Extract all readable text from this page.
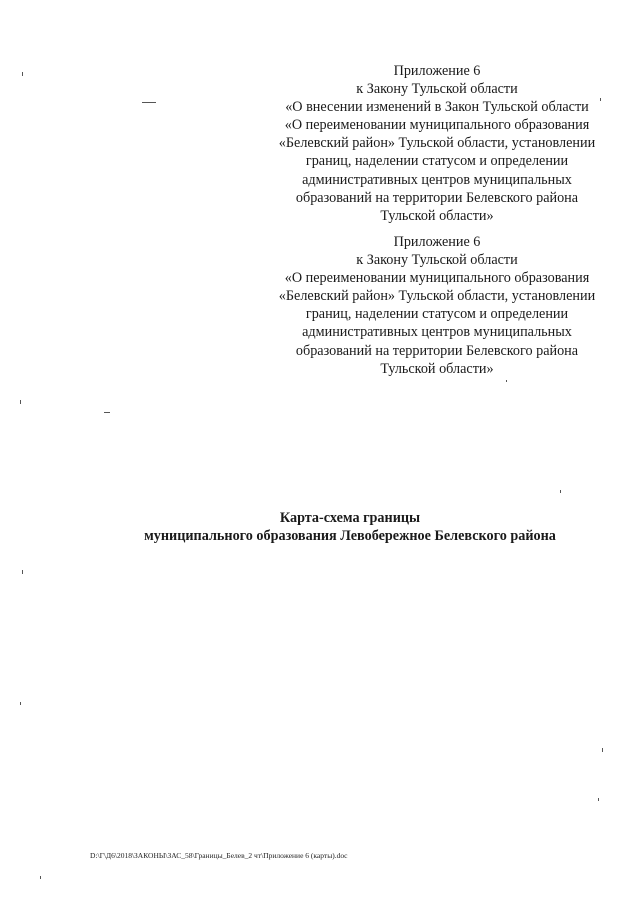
Приложение 6
к Закону Тульской области
«О внесении изменений в Закон Тульской области
«О переименовании муниципального образования
«Белевский район» Тульской области, установлении
границ, наделении статусом и определении
административных центров муниципальных
образований на территории Белевского района
Тульской области»
Приложение 6
к Закону Тульской области
«О переименовании муниципального образования
«Белевский район» Тульской области, установлении
границ, наделении статусом и определении
административных центров муниципальных
образований на территории Белевского района
Тульской области»
Карта-схема границы
муниципального образования Левобережное Белевского района
D:\Г\Д6\2018\ЗАКОНЫ\ЗАС_58\Границы_Белев_2 чт\Приложение 6 (карты).doc
